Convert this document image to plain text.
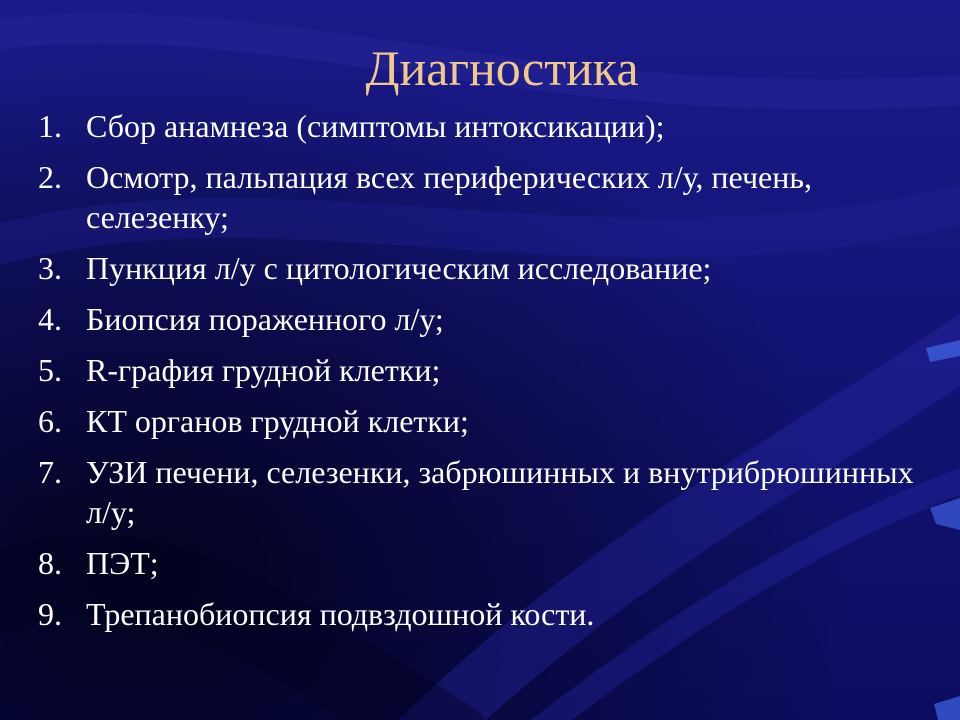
Диагностика
1. Сбор анамнеза (симптомы интоксикации);
2. Осмотр, пальпация всех периферических л/у, печень, селезенку;
3. Пункция л/у с цитологическим исследование;
4. Биопсия пораженного л/у;
5. R-графия грудной клетки;
6. КТ органов грудной клетки;
7. УЗИ печени, селезенки, забрюшинных и внутрибрюшинных л/у;
8. ПЭТ;
9. Трепанобиопсия подвздошной кости.
